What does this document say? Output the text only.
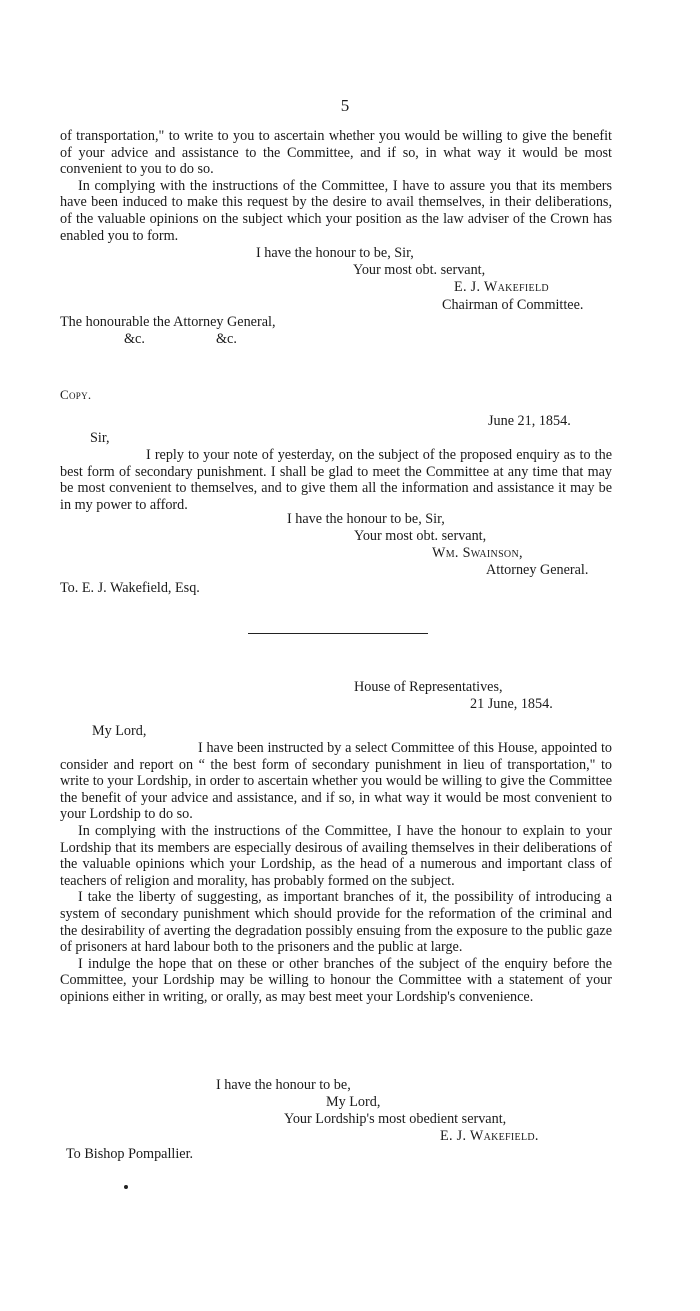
5

of transportation," to write to you to ascertain whether you would be willing to give the benefit of your advice and assistance to the Committee, and if so, in what way it would be most convenient to you to do so.

In complying with the instructions of the Committee, I have to assure you that its members have been induced to make this request by the desire to avail themselves, in their deliberations, of the valuable opinions on the subject which your position as the law adviser of the Crown has enabled you to form.

I have the honour to be, Sir,
Your most obt. servant,
E. J. Wakefield
Chairman of Committee.
The honourable the Attorney General,
&c.	&c.
Copy.
June 21, 1854.
Sir,

I reply to your note of yesterday, on the subject of the proposed enquiry as to the best form of secondary punishment. I shall be glad to meet the Committee at any time that may be most convenient to themselves, and to give them all the information and assistance it may be in my power to afford.

I have the honour to be, Sir,
Your most obt. servant,
Wm. Swainson,
Attorney General.
To. E. J. Wakefield, Esq.
House of Representatives,
21 June, 1854.
My Lord,

I have been instructed by a select Committee of this House, appointed to consider and report on “ the best form of secondary punishment in lieu of transportation," to write to your Lordship, in order to ascertain whether you would be willing to give the Committee the benefit of your advice and assistance, and if so, in what way it would be most convenient to your Lordship to do so.

In complying with the instructions of the Committee, I have the honour to explain to your Lordship that its members are especially desirous of availing themselves in their deliberations of the valuable opinions which your Lordship, as the head of a numerous and important class of teachers of religion and morality, has probably formed on the subject.

I take the liberty of suggesting, as important branches of it, the possibility of introducing a system of secondary punishment which should provide for the reformation of the criminal and the desirability of averting the degradation possibly ensuing from the exposure to the public gaze of prisoners at hard labour both to the prisoners and the public at large.

I indulge the hope that on these or other branches of the subject of the enquiry before the Committee, your Lordship may be willing to honour the Committee with a statement of your opinions either in writing, or orally, as may best meet your Lordship's convenience.

I have the honour to be,
My Lord,
Your Lordship's most obedient servant,
E. J. Wakefield.
To Bishop Pompallier.
